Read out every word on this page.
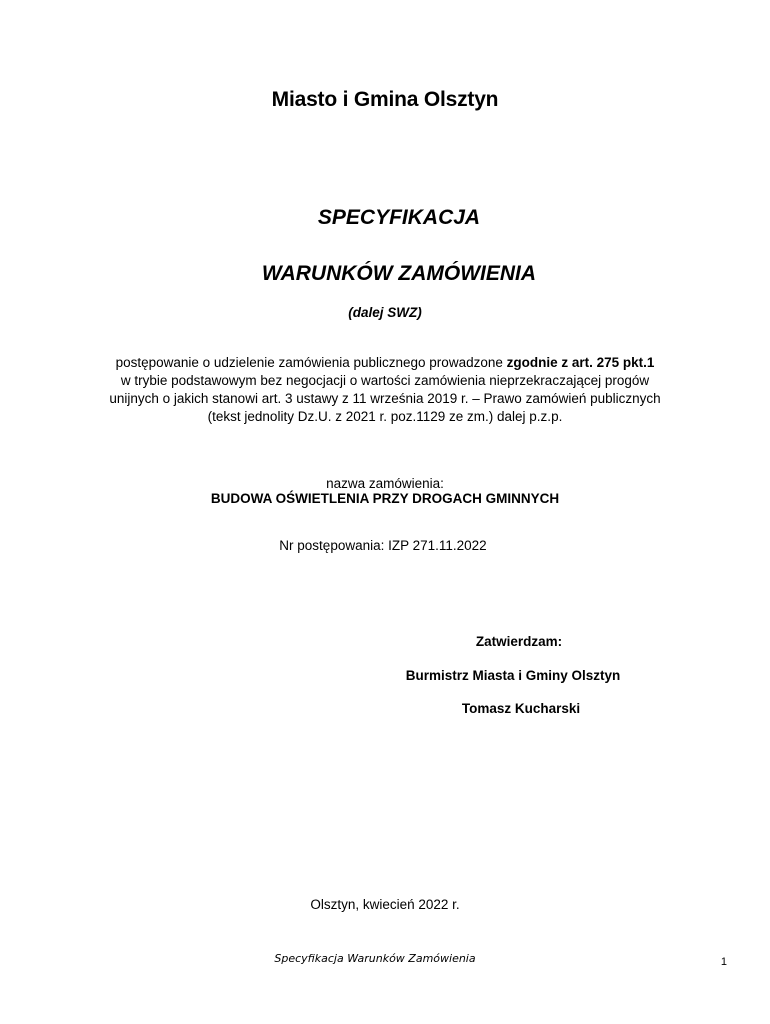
Miasto i Gmina Olsztyn
SPECYFIKACJA
WARUNKÓW ZAMÓWIENIA
(dalej SWZ)
postępowanie o udzielenie zamówienia publicznego prowadzone zgodnie z art. 275 pkt.1
w trybie podstawowym bez negocjacji o wartości zamówienia nieprzekraczającej progów
unijnych o jakich stanowi art. 3 ustawy z 11 września 2019 r. – Prawo zamówień publicznych
(tekst jednolity Dz.U. z 2021 r. poz.1129 ze zm.) dalej p.z.p.
nazwa zamówienia:
BUDOWA OŚWIETLENIA PRZY DROGACH GMINNYCH
Nr postępowania: IZP 271.11.2022
Zatwierdzam:
Burmistrz Miasta i Gminy Olsztyn
Tomasz Kucharski
Olsztyn, kwiecień 2022 r.
Specyfikacja Warunków Zamówienia	1
